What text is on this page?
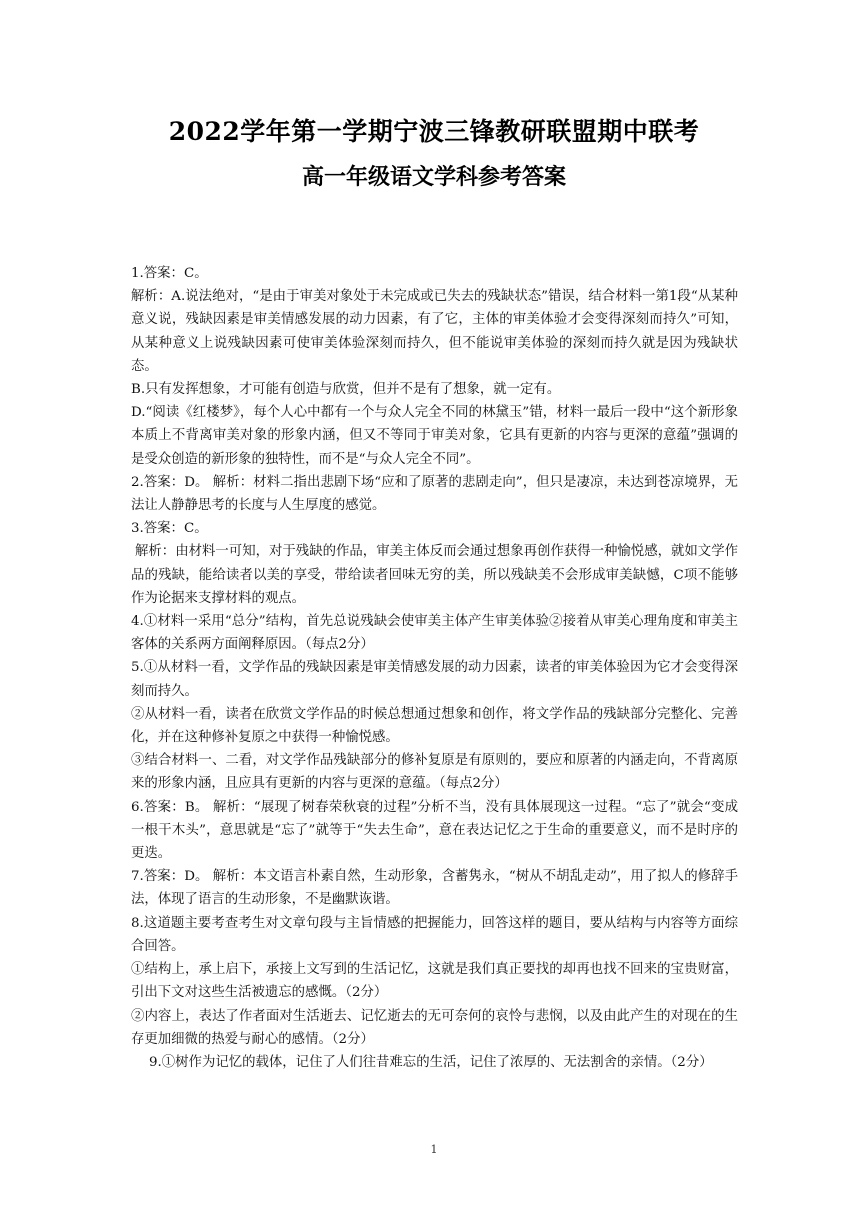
2022学年第一学期宁波三锋教研联盟期中联考
高一年级语文学科参考答案

1.答案：C。

解析：A.说法绝对，“是由于审美对象处于未完成或已失去的残缺状态”错误，结合材料一第1段“从某种意义说，残缺因素是审美情感发展的动力因素，有了它，主体的审美体验才会变得深刻而持久”可知，从某种意义上说残缺因素可使审美体验深刻而持久，但不能说审美体验的深刻而持久就是因为残缺状态。

B.只有发挥想象，才可能有创造与欣赏，但并不是有了想象，就一定有。

D.“阅读《红楼梦》，每个人心中都有一个与众人完全不同的林黛玉”错，材料一最后一段中“这个新形象本质上不背离审美对象的形象内涵，但又不等同于审美对象，它具有更新的内容与更深的意蕴”强调的是受众创造的新形象的独特性，而不是“与众人完全不同”。

2.答案：D。 解析：材料二指出悲剧下场“应和了原著的悲剧走向”，但只是凄凉，未达到苍凉境界，无法让人静静思考的长度与人生厚度的感觉。

3.答案：C。

解析：由材料一可知，对于残缺的作品，审美主体反而会通过想象再创作获得一种愉悦感，就如文学作品的残缺，能给读者以美的享受，带给读者回味无穷的美，所以残缺美不会形成审美缺憾，C项不能够作为论据来支撑材料的观点。

4.①材料一采用“总分”结构，首先总说残缺会使审美主体产生审美体验②接着从审美心理角度和审美主客体的关系两方面阐释原因。（每点2分）

5.①从材料一看，文学作品的残缺因素是审美情感发展的动力因素，读者的审美体验因为它才会变得深刻而持久。

②从材料一看，读者在欣赏文学作品的时候总想通过想象和创作，将文学作品的残缺部分完整化、完善化，并在这种修补复原之中获得一种愉悦感。

③结合材料一、二看，对文学作品残缺部分的修补复原是有原则的，要应和原著的内涵走向，不背离原来的形象内涵，且应具有更新的内容与更深的意蕴。（每点2分）

6.答案：B。 解析：“展现了树春荣秋衰的过程”分析不当，没有具体展现这一过程。“忘了”就会“变成一根干木头”，意思就是“忘了”就等于“失去生命”，意在表达记忆之于生命的重要意义，而不是时序的更迭。

7.答案：D。 解析：本文语言朴素自然，生动形象，含蓄隽永，“树从不胡乱走动”，用了拟人的修辞手法，体现了语言的生动形象，不是幽默诙谐。

8.这道题主要考查考生对文章句段与主旨情感的把握能力，回答这样的题目，要从结构与内容等方面综合回答。

①结构上，承上启下，承接上文写到的生活记忆，这就是我们真正要找的却再也找不回来的宝贵财富，引出下文对这些生活被遗忘的感慨。（2分）

②内容上，表达了作者面对生活逝去、记忆逝去的无可奈何的哀怜与悲悯，以及由此产生的对现在的生存更加细微的热爱与耐心的感情。（2分）

9.①树作为记忆的载体，记住了人们往昔难忘的生活，记住了浓厚的、无法割舍的亲情。（2分）

1
